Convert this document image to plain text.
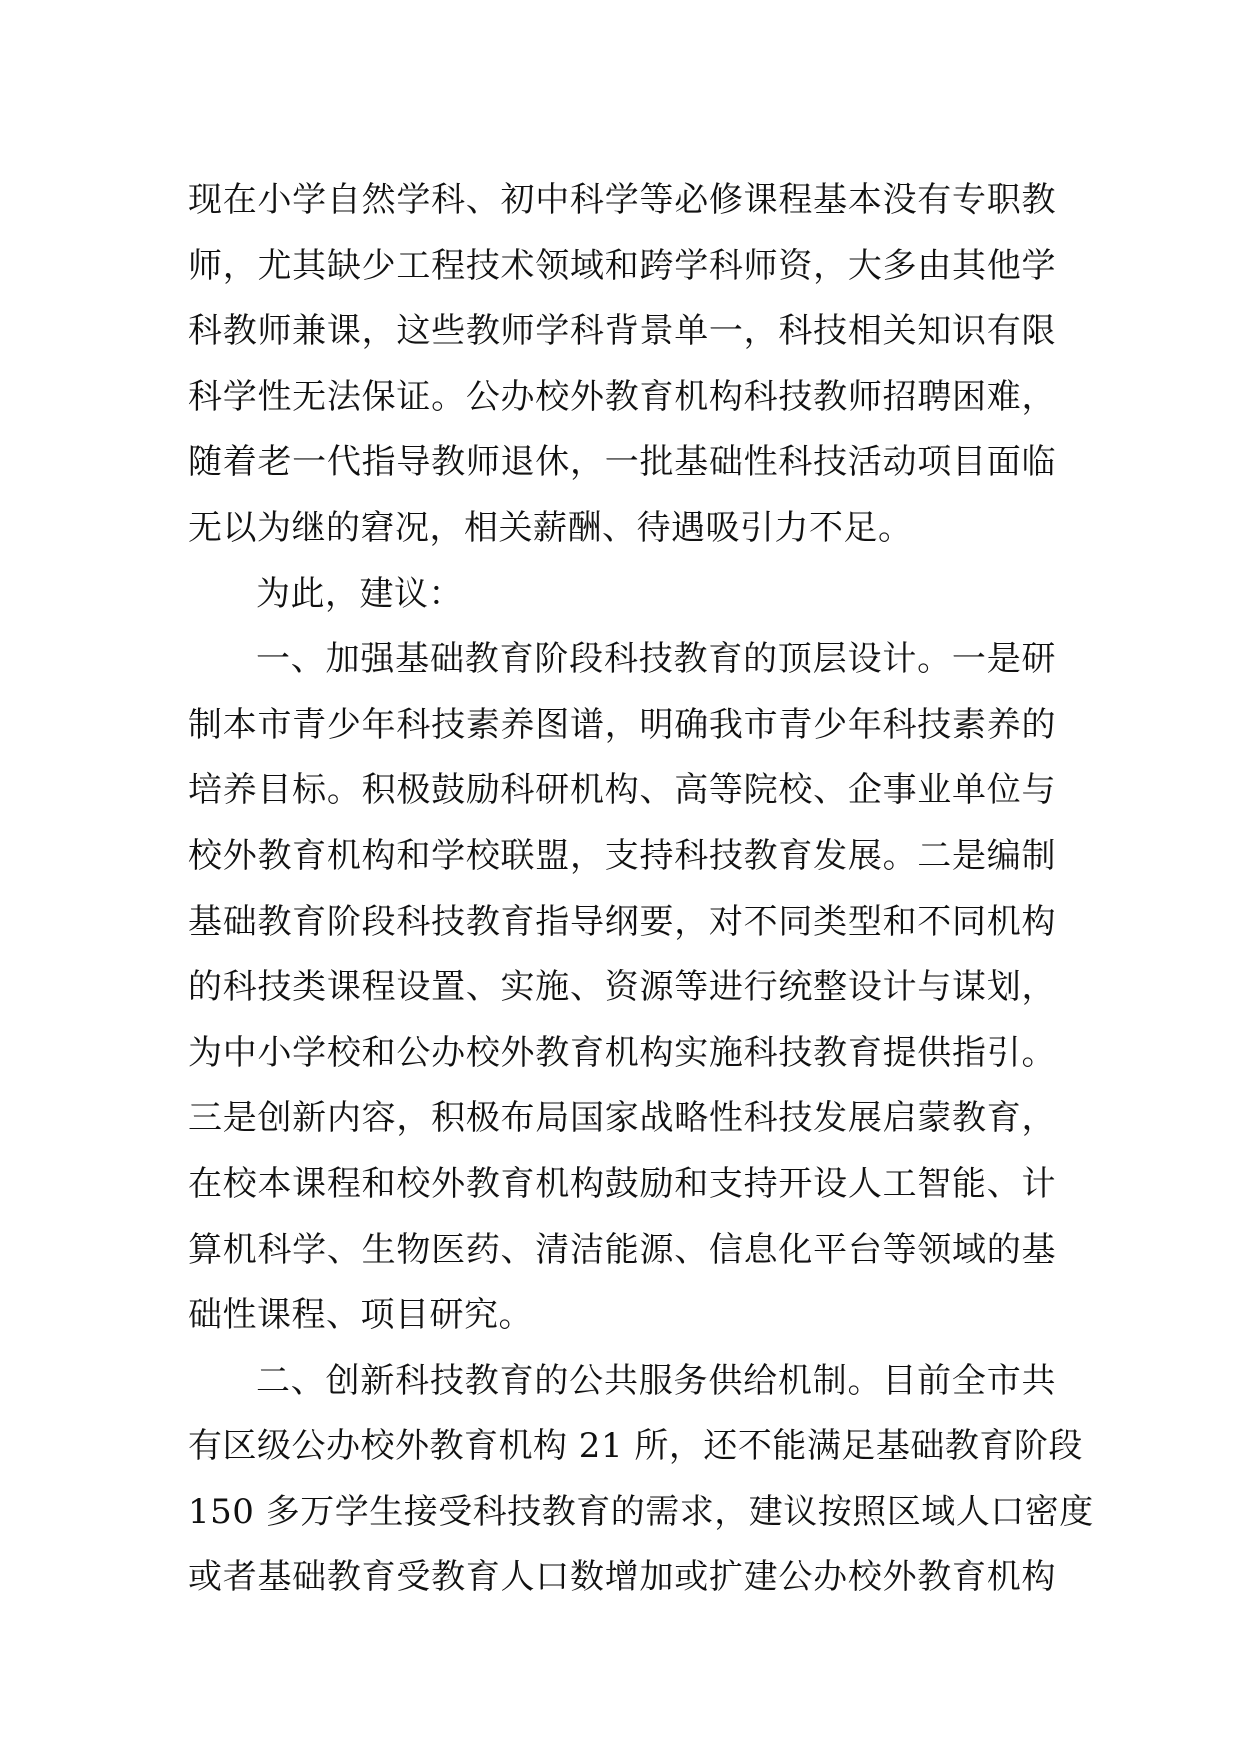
现在小学自然学科、初中科学等必修课程基本没有专职教
师，尤其缺少工程技术领域和跨学科师资，大多由其他学
科教师兼课，这些教师学科背景单一，科技相关知识有限
科学性无法保证。公办校外教育机构科技教师招聘困难，
随着老一代指导教师退休，一批基础性科技活动项目面临
无以为继的窘况，相关薪酬、待遇吸引力不足。
为此，建议：
一、加强基础教育阶段科技教育的顶层设计。一是研
制本市青少年科技素养图谱，明确我市青少年科技素养的
培养目标。积极鼓励科研机构、高等院校、企事业单位与
校外教育机构和学校联盟，支持科技教育发展。二是编制
基础教育阶段科技教育指导纲要，对不同类型和不同机构
的科技类课程设置、实施、资源等进行统整设计与谋划，
为中小学校和公办校外教育机构实施科技教育提供指引。
三是创新内容，积极布局国家战略性科技发展启蒙教育，
在校本课程和校外教育机构鼓励和支持开设人工智能、计
算机科学、生物医药、清洁能源、信息化平台等领域的基
础性课程、项目研究。
二、创新科技教育的公共服务供给机制。目前全市共
有区级公办校外教育机构 21 所，还不能满足基础教育阶段
150 多万学生接受科技教育的需求，建议按照区域人口密度
或者基础教育受教育人口数增加或扩建公办校外教育机构
